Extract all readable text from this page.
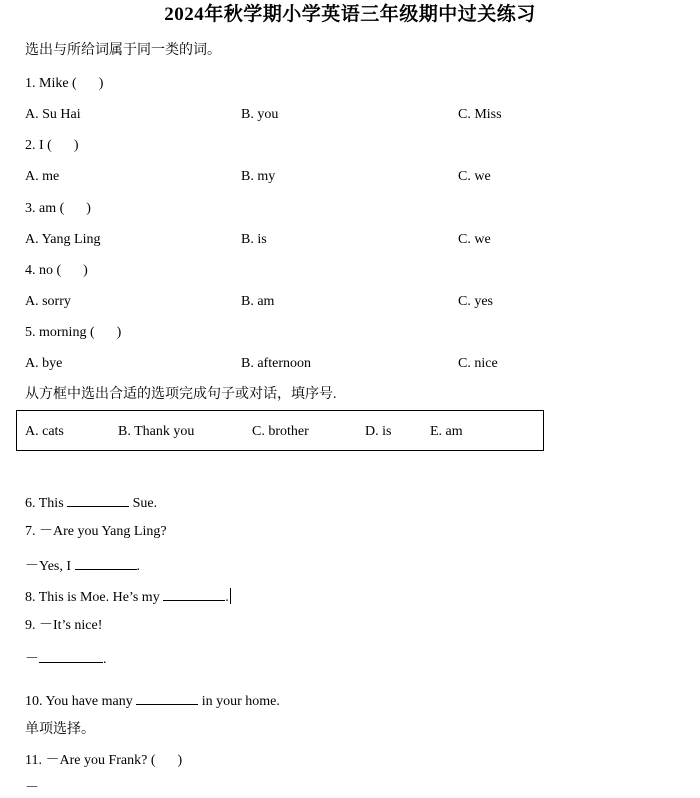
2024年秋学期小学英语三年级期中过关练习
选出与所给词属于同一类的词。
1. Mike ( )
A. Su Hai	B. you	C. Miss
2. I ( )
A. me	B. my	C. we
3. am ( )
A. Yang Ling	B. is	C. we
4. no ( )
A. sorry	B. am	C. yes
5. morning ( )
A. bye	B. afternoon	C. nice
从方框中选出合适的选项完成句子或对话，填序号.
A. cats	B. Thank you	C. brother	D. is	E. am
6. This	Sue.
7. －Are you Yang Ling?
－Yes, I	.
8. This is Moe. He’s my	.
9. －It’s nice!
－	.
10. You have many	in your home.
单项选择。
11. －Are you Frank? ( )
－
